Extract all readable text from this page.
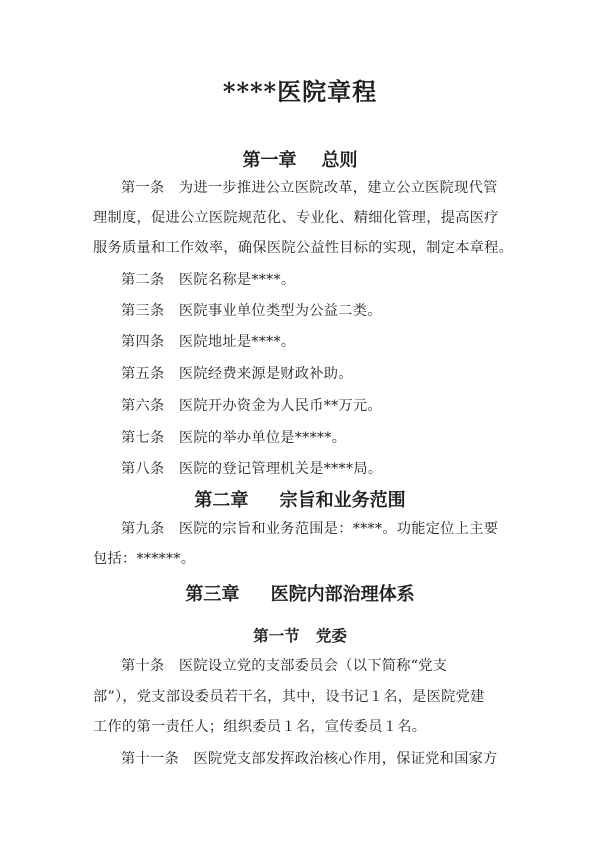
****医院章程
第一章    总则
第一条   为进一步推进公立医院改革，建立公立医院现代管
理制度，促进公立医院规范化、专业化、精细化管理，提高医疗
服务质量和工作效率，确保医院公益性目标的实现，制定本章程。
第二条   医院名称是****。
第三条   医院事业单位类型为公益二类。
第四条   医院地址是****。
第五条   医院经费来源是财政补助。
第六条   医院开办资金为人民币**万元。
第七条   医院的举办单位是*****。
第八条   医院的登记管理机关是****局。
第二章     宗旨和业务范围
第九条   医院的宗旨和业务范围是：****。功能定位上主要
包括：******。
第三章     医院内部治理体系
第一节   党委
第十条   医院设立党的支部委员会（以下简称“党支
部”），党支部设委员若干名，其中，设书记１名，是医院党建
工作的第一责任人；组织委员１名，宣传委员１名。
第十一条   医院党支部发挥政治核心作用，保证党和国家方
